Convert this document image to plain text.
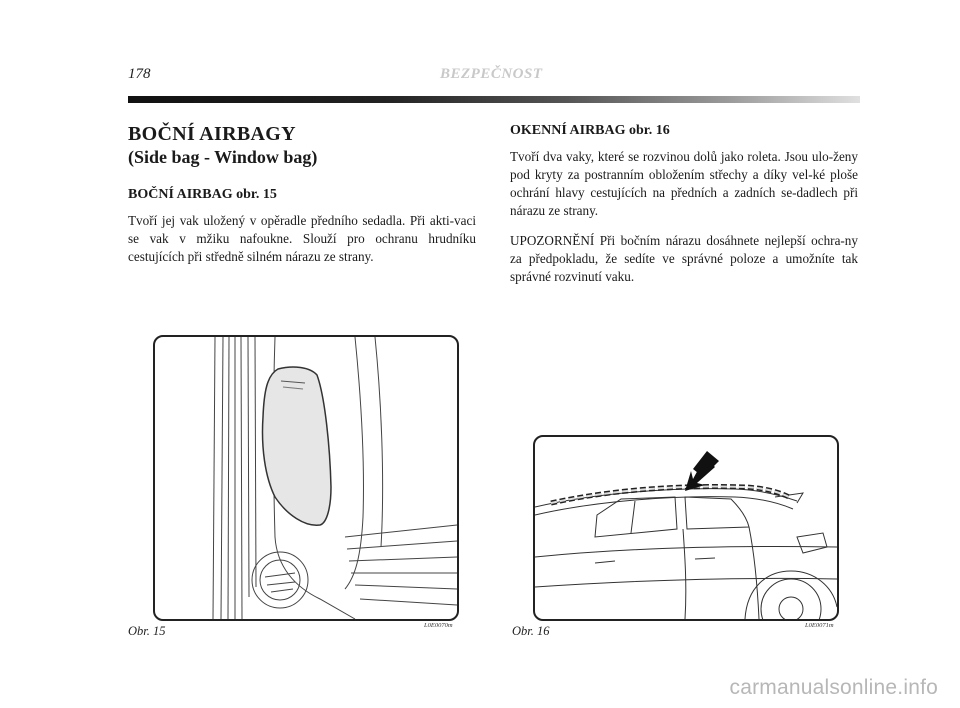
178	BEZPEČNOST
BOČNÍ AIRBAGY
(Side bag - Window bag)
BOČNÍ AIRBAG obr. 15

Tvoří jej vak uložený v opěradle předního sedadla. Při akti-vaci se vak v mžiku nafoukne. Slouží pro ochranu hrudníku cestujících při středně silném nárazu ze strany.

OKENNÍ AIRBAG obr. 16

Tvoří dva vaky, které se rozvinou dolů jako roleta. Jsou ulo-ženy pod kryty za postranním obložením střechy a díky vel-ké ploše ochrání hlavy cestujících na předních a zadních se-dadlech při nárazu ze strany.

UPOZORNĚNÍ Při bočním nárazu dosáhnete nejlepší ochra-ny za předpokladu, že sedíte ve správné poloze a umožníte tak správné rozvinutí vaku.

Obr. 15	L0E0070m	Obr. 16	L0E0071m
carmanualsonline.info
